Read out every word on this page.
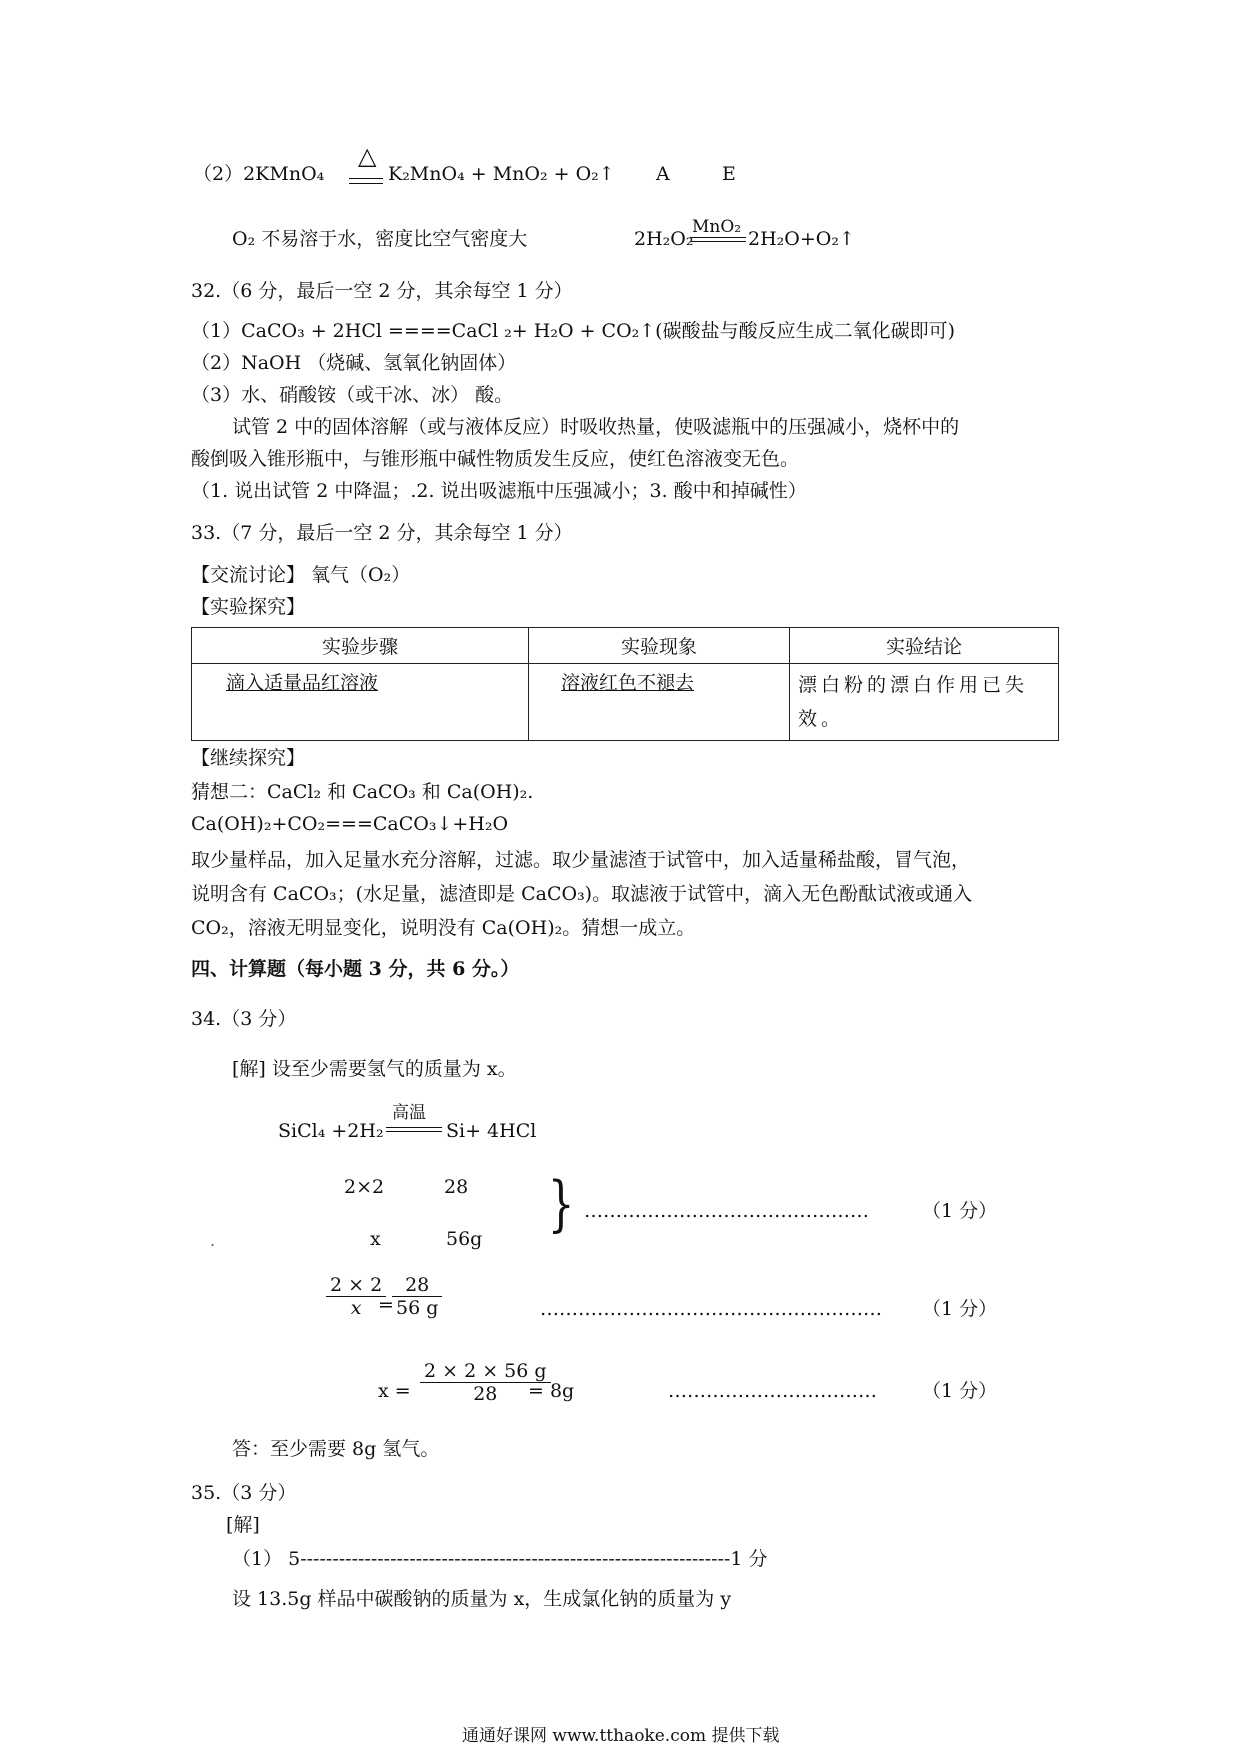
（2）2KMnO₄
△
K₂MnO₄ + MnO₂ + O₂↑ A	E
O₂ 不易溶于水，密度比空气密度大	2H₂O₂
MnO₂
2H₂O+O₂↑
32.（6 分，最后一空 2 分，其余每空 1 分）
（1）CaCO₃ + 2HCl ====CaCl ₂+ H₂O + CO₂↑(碳酸盐与酸反应生成二氧化碳即可)
（2）NaOH （烧碱、氢氧化钠固体）
（3）水、硝酸铵（或干冰、冰） 酸。
试管 2 中的固体溶解（或与液体反应）时吸收热量，使吸滤瓶中的压强减小，烧杯中的
酸倒吸入锥形瓶中，与锥形瓶中碱性物质发生反应，使红色溶液变无色。
（1. 说出试管 2 中降温；.2. 说出吸滤瓶中压强减小；3. 酸中和掉碱性）
33.（7 分，最后一空 2 分，其余每空 1 分）
【交流讨论】 氧气（O₂）
【实验探究】
实验步骤	实验现象	实验结论
滴入适量品红溶液	溶液红色不褪去	漂白粉的漂白作用已失效。
【继续探究】
猜想二：CaCl₂ 和 CaCO₃ 和 Ca(OH)₂.
Ca(OH)₂+CO₂===CaCO₃↓+H₂O
取少量样品，加入足量水充分溶解，过滤。取少量滤渣于试管中，加入适量稀盐酸，冒气泡，
说明含有 CaCO₃；(水足量，滤渣即是 CaCO₃)。取滤液于试管中，滴入无色酚酞试液或通入
CO₂，溶液无明显变化，说明没有 Ca(OH)₂。猜想一成立。
四、计算题（每小题 3 分，共 6 分。）
34.（3 分）
[解] 设至少需要氢气的质量为 x。
SiCl₄ +2H₂
高温
Si+ 4HCl
2×2	28
x	56g } ………………………………………	（1 分）
.
$\frac{2 \times 2}{x}$
=
$\frac{28}{56 g}$	……………………………………………… （1 分）
$x = \frac{2 \times 2 \times 56 g}{28}$
= 8g	…………………………… （1 分）
答：至少需要 8g 氢气。
35.（3 分）
[解]
（1） 5-------------------------------------------------------------------1 分
设 13.5g 样品中碳酸钠的质量为 x，生成氯化钠的质量为 y
通通好课网 www.tthaoke.com 提供下载
